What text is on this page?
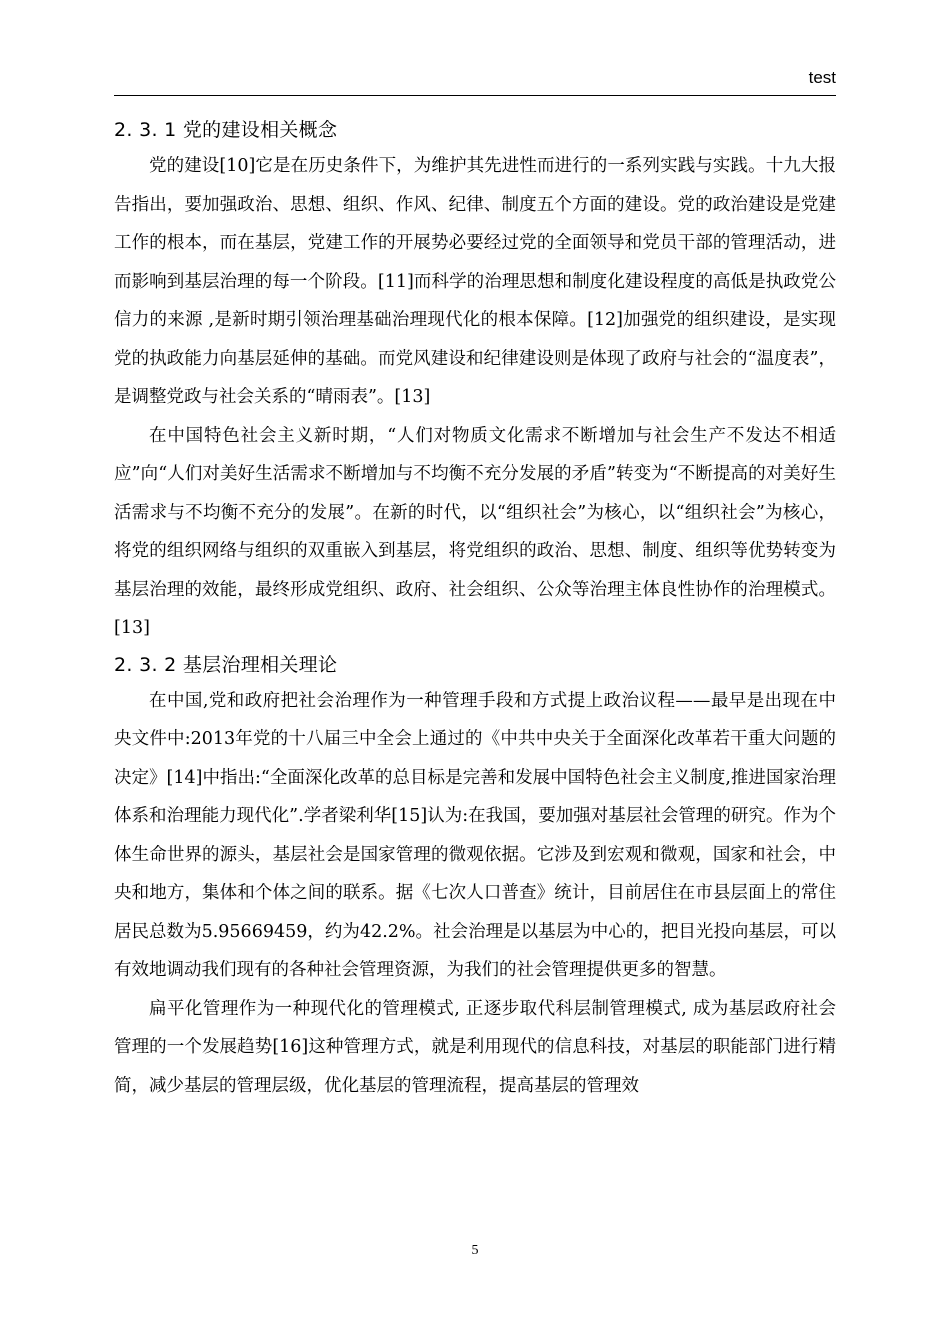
test
2. 3. 1 党的建设相关概念

党的建设[10]它是在历史条件下，为维护其先进性而进行的一系列实践与实践。十九大报告指出，要加强政治、思想、组织、作风、纪律、制度五个方面的建设。党的政治建设是党建工作的根本，而在基层，党建工作的开展势必要经过党的全面领导和党员干部的管理活动，进而影响到基层治理的每一个阶段。[11]而科学的治理思想和制度化建设程度的高低是执政党公信力的来源 ,是新时期引领治理基础治理现代化的根本保障。[12]加强党的组织建设，是实现党的执政能力向基层延伸的基础。而党风建设和纪律建设则是体现了政府与社会的“温度表”，是调整党政与社会关系的“晴雨表”。[13]

在中国特色社会主义新时期，“人们对物质文化需求不断增加与社会生产不发达不相适应”向“人们对美好生活需求不断增加与不均衡不充分发展的矛盾”转变为“不断提高的对美好生活需求与不均衡不充分的发展”。在新的时代，以“组织社会”为核心，以“组织社会”为核心，将党的组织网络与组织的双重嵌入到基层，将党组织的政治、思想、制度、组织等优势转变为基层治理的效能，最终形成党组织、政府、社会组织、公众等治理主体良性协作的治理模式。[13]

2. 3. 2 基层治理相关理论

在中国,党和政府把社会治理作为一种管理手段和方式提上政治议程——最早是出现在中央文件中:2013年党的十八届三中全会上通过的《中共中央关于全面深化改革若干重大问题的决定》[14]中指出:“全面深化改革的总目标是完善和发展中国特色社会主义制度,推进国家治理体系和治理能力现代化”.学者梁利华[15]认为:在我国，要加强对基层社会管理的研究。作为个体生命世界的源头，基层社会是国家管理的微观依据。它涉及到宏观和微观，国家和社会，中央和地方，集体和个体之间的联系。据《七次人口普查》统计，目前居住在市县层面上的常住居民总数为5.95669459，约为42.2%。社会治理是以基层为中心的，把目光投向基层，可以有效地调动我们现有的各种社会管理资源，为我们的社会管理提供更多的智慧。

扁平化管理作为一种现代化的管理模式, 正逐步取代科层制管理模式, 成为基层政府社会管理的一个发展趋势[16]这种管理方式，就是利用现代的信息科技，对基层的职能部门进行精简，减少基层的管理层级，优化基层的管理流程，提高基层的管理效

5
